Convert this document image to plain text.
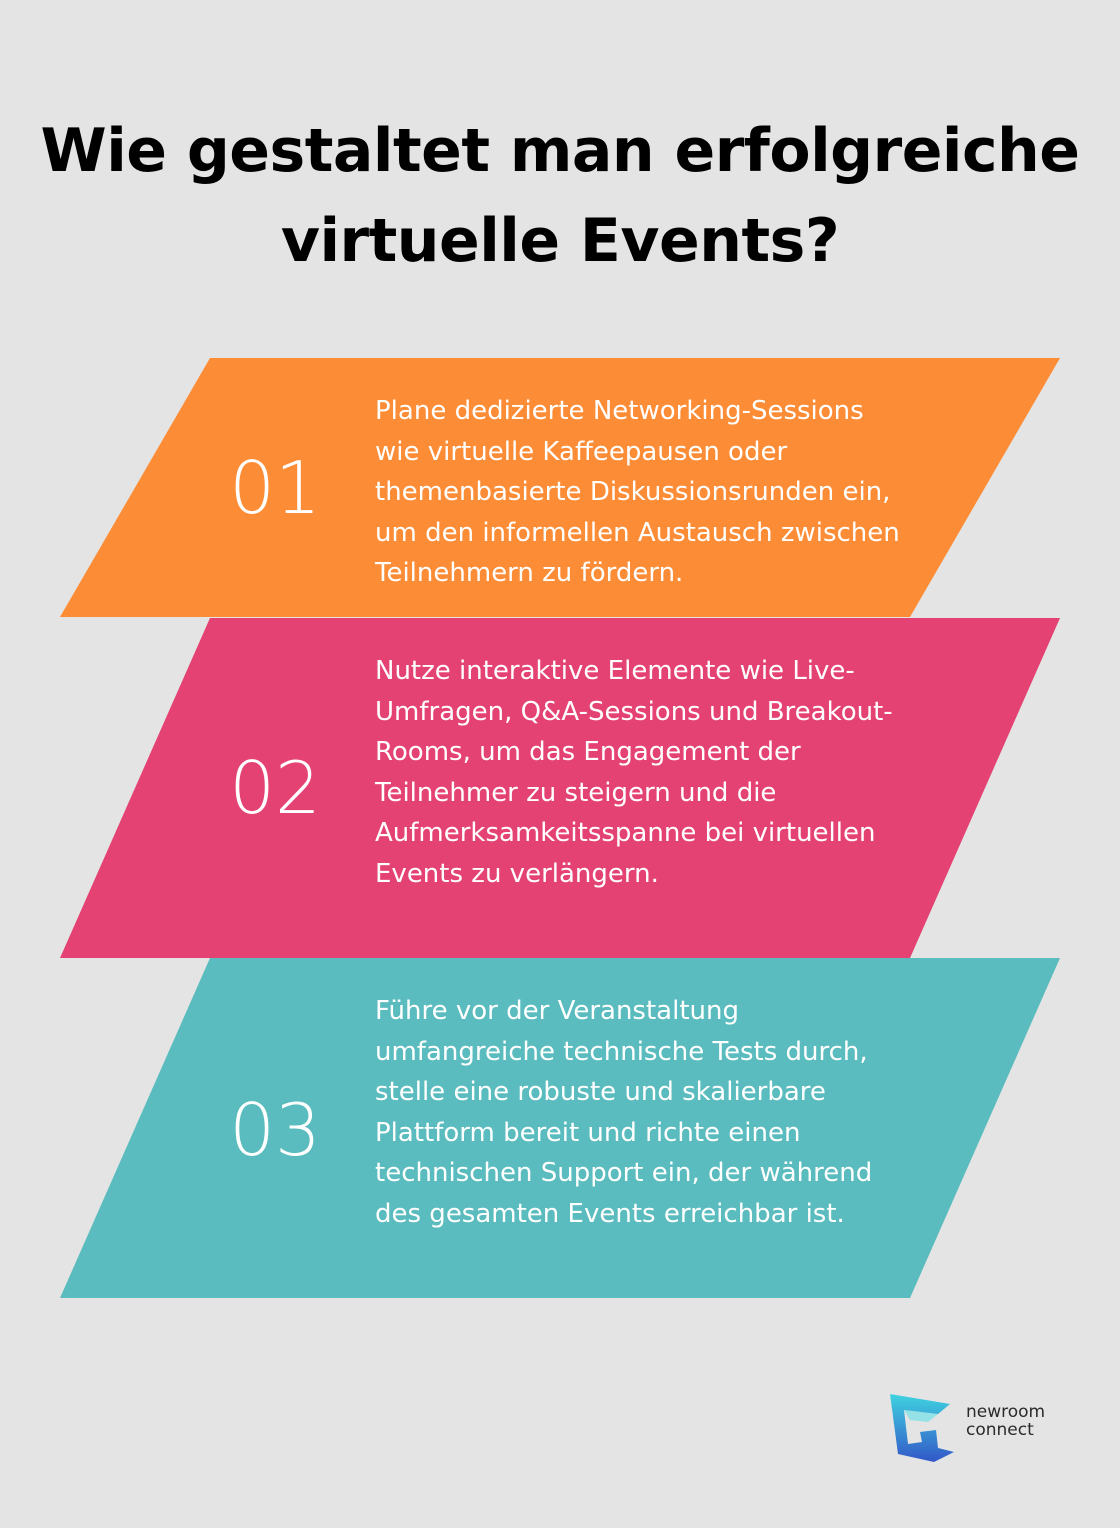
Wie gestaltet man erfolgreiche virtuelle Events?
01

Plane dedizierte Networking-Sessions wie virtuelle Kaffeepausen oder themenbasierte Diskussionsrunden ein, um den informellen Austausch zwischen Teilnehmern zu fördern.

02

Nutze interaktive Elemente wie Live-Umfragen, Q&A-Sessions und Breakout-Rooms, um das Engagement der Teilnehmer zu steigern und die Aufmerksamkeitsspanne bei virtuellen Events zu verlängern.

03

Führe vor der Veranstaltung umfangreiche technische Tests durch, stelle eine robuste und skalierbare Plattform bereit und richte einen technischen Support ein, der während des gesamten Events erreichbar ist.

newroom
connect
